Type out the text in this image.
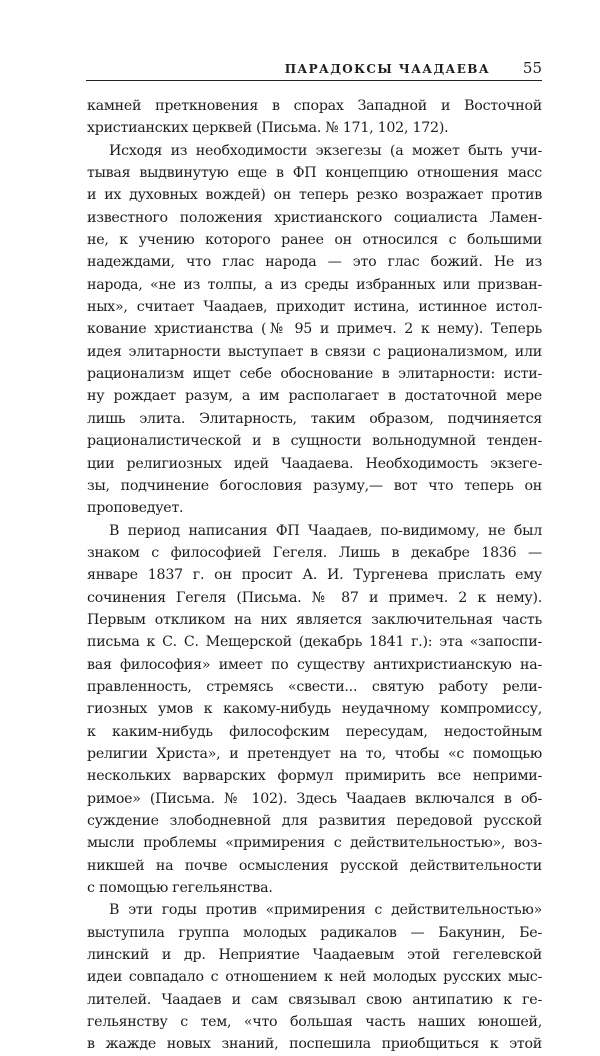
ПАРАДОКСЫ ЧААДАЕВА 55
камней преткновения в спорах Западной и Восточной
христианских церквей (Письма. № 171, 102, 172).
Исходя из необходимости экзегезы (а может быть учи-
тывая выдвинутую еще в ФП концепцию отношения масс
и их духовных вождей) он теперь резко возражает против
известного положения христианского социалиста Ламен-
не, к учению которого ранее он относился с большими
надеждами, что глас народа — это глас божий. Не из
народа, «не из толпы, а из среды избранных или призван-
ных», считает Чаадаев, приходит истина, истинное истол-
кование христианства (№ 95 и примеч. 2 к нему). Теперь
идея элитарности выступает в связи с рационализмом, или
рационализм ищет себе обоснование в элитарности: исти-
ну рождает разум, а им располагает в достаточной мере
лишь элита. Элитарность, таким образом, подчиняется
рационалистической и в сущности вольнодумной тенден-
ции религиозных идей Чаадаева. Необходимость экзеге-
зы, подчинение богословия разуму,— вот что теперь он
проповедует.
В период написания ФП Чаадаев, по-видимому, не был
знаком с философией Гегеля. Лишь в декабре 1836 —
январе 1837 г. он просит А. И. Тургенева прислать ему
сочинения Гегеля (Письма. № 87 и примеч. 2 к нему).
Первым откликом на них является заключительная часть
письма к С. С. Мещерской (декабрь 1841 г.): эта «запоспи-
вая философия» имеет по существу антихристианскую на-
правленность, стремясь «свести... святую работу рели-
гиозных умов к какому-нибудь неудачному компромиссу,
к каким-нибудь философским пересудам, недостойным
религии Христа», и претендует на то, чтобы «с помощью
нескольких варварских формул примирить все неприми-
римое» (Письма. № 102). Здесь Чаадаев включался в об-
суждение злободневной для развития передовой русской
мысли проблемы «примирения с действительностью», воз-
никшей на почве осмысления русской действительности
с помощью гегельянства.
В эти годы против «примирения с действительностью»
выступила группа молодых радикалов — Бакунин, Бе-
линский и др. Неприятие Чаадаевым этой гегелевской
идеи совпадало с отношением к ней молодых русских мыс-
лителей. Чаадаев и сам связывал свою антипатию к ге-
гельянству с тем, «что большая часть наших юношей,
в жажде новых знаний, поспешила приобщиться к этой
